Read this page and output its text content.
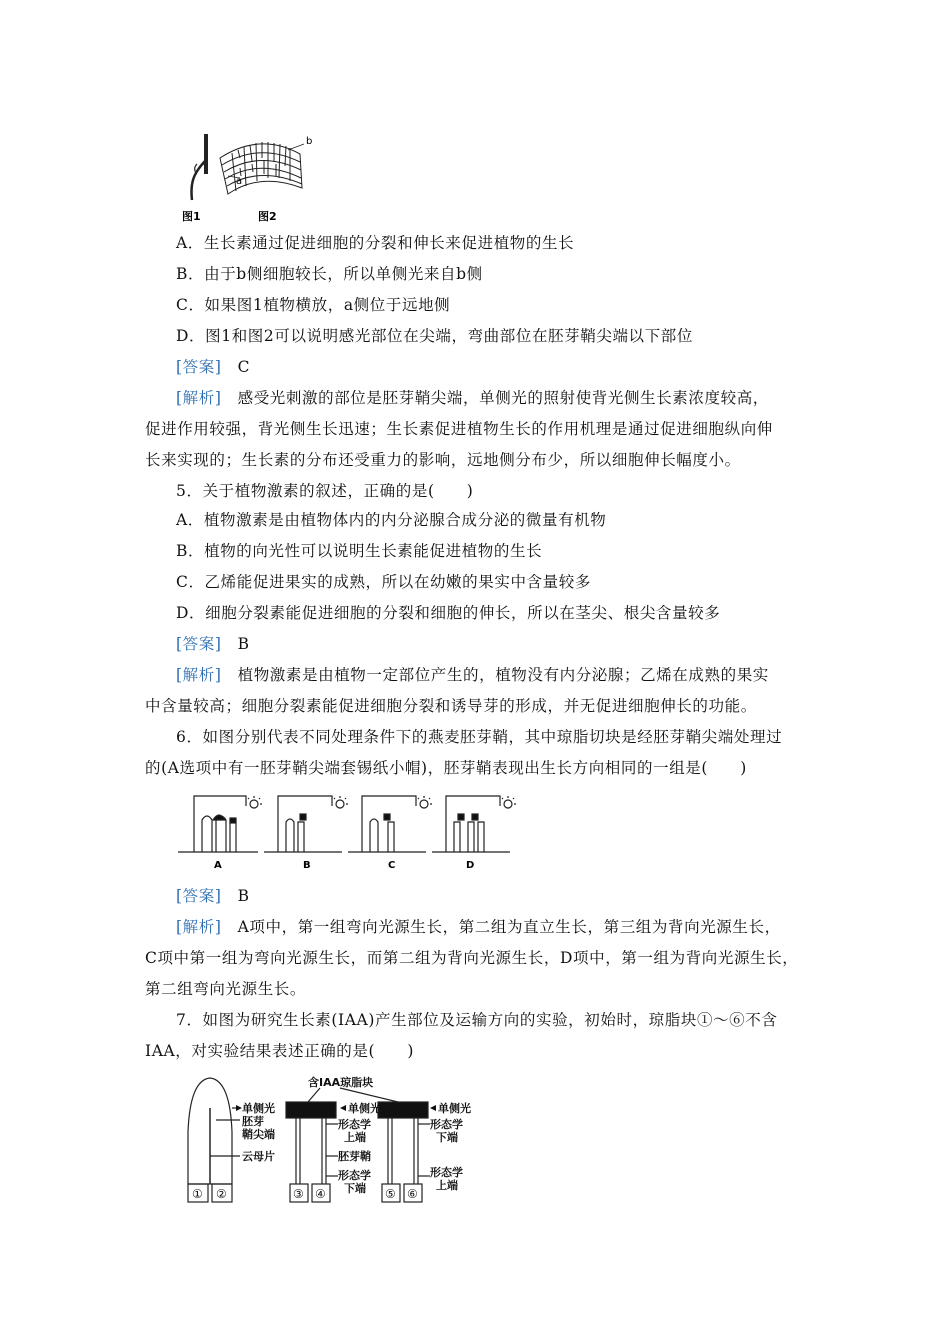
a
b
图1	图2
A．生长素通过促进细胞的分裂和伸长来促进植物的生长
B．由于b侧细胞较长，所以单侧光来自b侧
C．如果图1植物横放，a侧位于远地侧
D．图1和图2可以说明感光部位在尖端，弯曲部位在胚芽鞘尖端以下部位
[答案]　 C
[解析]　 感受光刺激的部位是胚芽鞘尖端，单侧光的照射使背光侧生长素浓度较高，
促进作用较强，背光侧生长迅速；生长素促进植物生长的作用机理是通过促进细胞纵向伸
长来实现的；生长素的分布还受重力的影响，远地侧分布少，所以细胞伸长幅度小。
5．关于植物激素的叙述，正确的是(　　)
A．植物激素是由植物体内的内分泌腺合成分泌的微量有机物
B．植物的向光性可以说明生长素能促进植物的生长
C．乙烯能促进果实的成熟，所以在幼嫩的果实中含量较多
D．细胞分裂素能促进细胞的分裂和细胞的伸长，所以在茎尖、根尖含量较多
[答案]　 B
[解析]　 植物激素是由植物一定部位产生的，植物没有内分泌腺；乙烯在成熟的果实
中含量较高；细胞分裂素能促进细胞分裂和诱导芽的形成，并无促进细胞伸长的功能。
6．如图分别代表不同处理条件下的燕麦胚芽鞘，其中琼脂切块是经胚芽鞘尖端处理过
的(A选项中有一胚芽鞘尖端套锡纸小帽)，胚芽鞘表现出生长方向相同的一组是(　　)
A	B	C	D
[答案]　 B
[解析]　 A项中，第一组弯向光源生长，第二组为直立生长，第三组为背向光源生长，
C项中第一组为弯向光源生长，而第二组为背向光源生长，D项中，第一组为背向光源生长，
第二组弯向光源生长。
7．如图为研究生长素(IAA)产生部位及运输方向的实验，初始时，琼脂块①～⑥不含
IAA，对实验结果表述正确的是(　　)
含IAA琼脂块
单侧光
胚芽
鞘尖端
云母片
单侧光
形态学
上端
胚芽鞘
形态学
下端
单侧光
形态学
下端
形态学
上端
① ②	③ ④	⑤ ⑥
